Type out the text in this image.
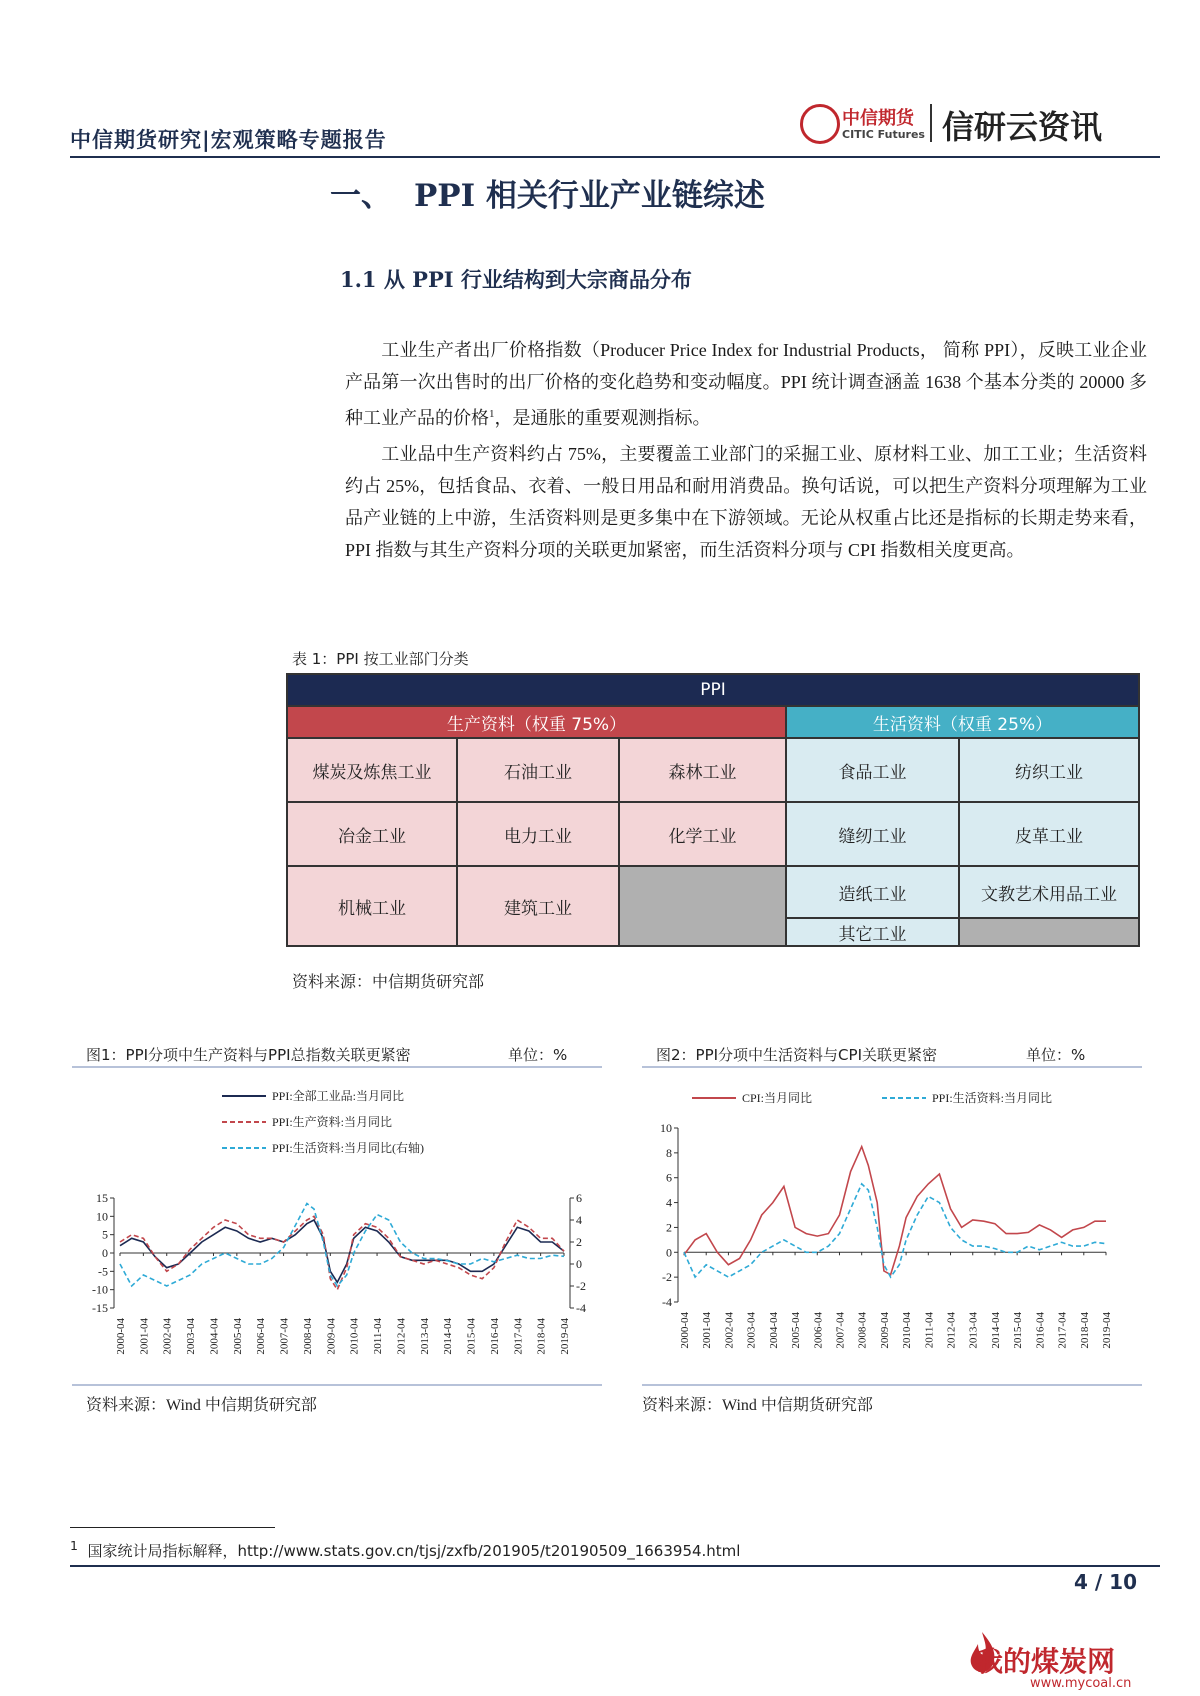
中信期货研究|宏观策略专题报告
中信期货
CITIC Futures 信研云资讯
一、 PPI 相关行业产业链综述
1.1 从 PPI 行业结构到大宗商品分布
工业生产者出厂价格指数（Producer Price Index for Industrial Products， 简称 PPI），反映工业企业产品第一次出售时的出厂价格的变化趋势和变动幅度。PPI 统计调查涵盖 1638 个基本分类的 20000 多种工业产品的价格$^1$，是通胀的重要观测指标。
工业品中生产资料约占 75%，主要覆盖工业部门的采掘工业、原材料工业、加工工业；生活资料约占 25%，包括食品、衣着、一般日用品和耐用消费品。换句话说，可以把生产资料分项理解为工业品产业链的上中游，生活资料则是更多集中在下游领域。无论从权重占比还是指标的长期走势来看，PPI 指数与其生产资料分项的关联更加紧密，而生活资料分项与 CPI 指数相关度更高。
表 1：PPI 按工业部门分类
PPI				
生产资料（权重 75%）			生活资料（权重 25%）	
煤炭及炼焦工业	石油工业	森林工业	食品工业	纺织工业
冶金工业	电力工业	化学工业	缝纫工业	皮革工业
机械工业	建筑工业		造纸工业	文教艺术用品工业
			其它工业	
资料来源：中信期货研究部
图1：PPI分项中生产资料与PPI总指数关联更紧密	单位：%
-15
-10
-5
0
5
10
15
-4
-2
0
2
4
6
2000-04 2001-04 2002-04 2003-04 2004-04 2005-04 2006-04 2007-04 2008-04 2009-04 2010-04 2011-04 2012-04 2013-04 2014-04 2015-04 2016-04 2017-04 2018-04 2019-04
PPI:全部工业品:当月同比
PPI:生产资料:当月同比
PPI:生活资料:当月同比(右轴)
资料来源：Wind 中信期货研究部
图2：PPI分项中生活资料与CPI关联更紧密	单位：%
-4
-2
0
2
4
6
8
10
2000-04 2001-04 2002-04 2003-04 2004-04 2005-04 2006-04 2007-04 2008-04 2009-04 2010-04 2011-04 2012-04 2013-04 2014-04 2015-04 2016-04 2017-04 2018-04 2019-04
CPI:当月同比	PPI:生活资料:当月同比
资料来源：Wind 中信期货研究部
$^1$ 国家统计局指标解释，http://www.stats.gov.cn/tjsj/zxfb/201905/t20190509_1663954.html
4 / 10
我的煤炭网
www.mycoal.cn
